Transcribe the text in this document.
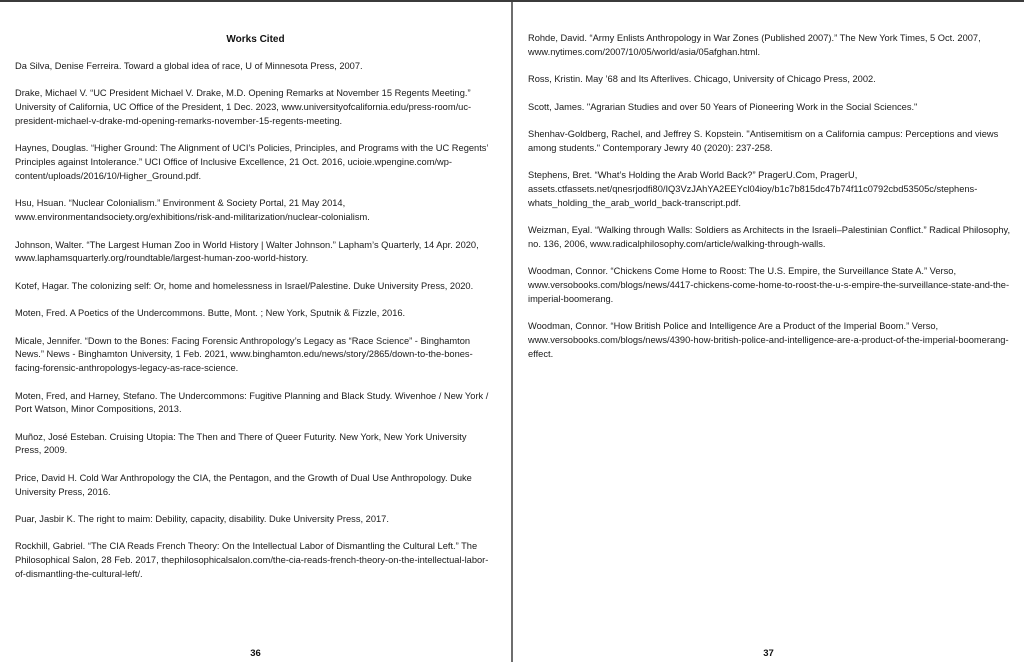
Works Cited
Da Silva, Denise Ferreira. Toward a global idea of race, U of Minnesota Press, 2007.
Drake, Michael V. “UC President Michael V. Drake, M.D. Opening Remarks at November 15 Regents Meeting.” University of California, UC Office of the President, 1 Dec. 2023, www.universityofcalifornia.edu/press-room/uc-president-michael-v-drake-md-opening-remarks-november-15-regents-meeting.
Haynes, Douglas. “Higher Ground: The Alignment of UCI’s Policies, Principles, and Programs with the UC Regents’ Principles against Intolerance.” UCI Office of Inclusive Excellence, 21 Oct. 2016, ucioie.wpengine.com/wp-content/uploads/2016/10/Higher_Ground.pdf.
Hsu, Hsuan. “Nuclear Colonialism.” Environment & Society Portal, 21 May 2014, www.environmentandsociety.org/exhibitions/risk-and-militarization/nuclear-colonialism.
Johnson, Walter. “The Largest Human Zoo in World History | Walter Johnson.” Lapham’s Quarterly, 14 Apr. 2020, www.laphamsquarterly.org/roundtable/largest-human-zoo-world-history.
Kotef, Hagar. The colonizing self: Or, home and homelessness in Israel/Palestine. Duke University Press, 2020.
Moten, Fred. A Poetics of the Undercommons. Butte, Mont. ; New York, Sputnik & Fizzle, 2016.
Micale, Jennifer. “Down to the Bones: Facing Forensic Anthropology’s Legacy as “Race Science” - Binghamton News.” News - Binghamton University, 1 Feb. 2021, www.binghamton.edu/news/story/2865/down-to-the-bones-facing-forensic-anthropologys-legacy-as-race-science.
Moten, Fred, and Harney, Stefano. The Undercommons: Fugitive Planning and Black Study. Wivenhoe / New York / Port Watson, Minor Compositions, 2013.
Muñoz, José Esteban. Cruising Utopia: The Then and There of Queer Futurity. New York, New York University Press, 2009.
Price, David H. Cold War Anthropology the CIA, the Pentagon, and the Growth of Dual Use Anthropology. Duke University Press, 2016.
Puar, Jasbir K. The right to maim: Debility, capacity, disability. Duke University Press, 2017.
Rockhill, Gabriel. “The CIA Reads French Theory: On the Intellectual Labor of Dismantling the Cultural Left.” The Philosophical Salon, 28 Feb. 2017, thephilosophicalsalon.com/the-cia-reads-french-theory-on-the-intellectual-labor-of-dismantling-the-cultural-left/.
36
Rohde, David. “Army Enlists Anthropology in War Zones (Published 2007).” The New York Times, 5 Oct. 2007, www.nytimes.com/2007/10/05/world/asia/05afghan.html.
Ross, Kristin. May ’68 and Its Afterlives. Chicago, University of Chicago Press, 2002.
Scott, James. "Agrarian Studies and over 50 Years of Pioneering Work in the Social Sciences."
Shenhav-Goldberg, Rachel, and Jeffrey S. Kopstein. "Antisemitism on a California campus: Perceptions and views among students." Contemporary Jewry 40 (2020): 237-258.
Stephens, Bret. “What’s Holding the Arab World Back?” PragerU.Com, PragerU, assets.ctfassets.net/qnesrjodfi80/IQ3VzJAhYA2EEYcl04ioy/b1c7b815dc47b74f11c0792cbd53505c/stephens-whats_holding_the_arab_world_back-transcript.pdf.
Weizman, Eyal. “Walking through Walls: Soldiers as Architects in the Israeli–Palestinian Conflict.” Radical Philosophy, no. 136, 2006, www.radicalphilosophy.com/article/walking-through-walls.
Woodman, Connor. “Chickens Come Home to Roost: The U.S. Empire, the Surveillance State A.” Verso, www.versobooks.com/blogs/news/4417-chickens-come-home-to-roost-the-u-s-empire-the-surveillance-state-and-the-imperial-boomerang.
Woodman, Connor. “How British Police and Intelligence Are a Product of the Imperial Boom.” Verso, www.versobooks.com/blogs/news/4390-how-british-police-and-intelligence-are-a-product-of-the-imperial-boomerang-effect.
37
